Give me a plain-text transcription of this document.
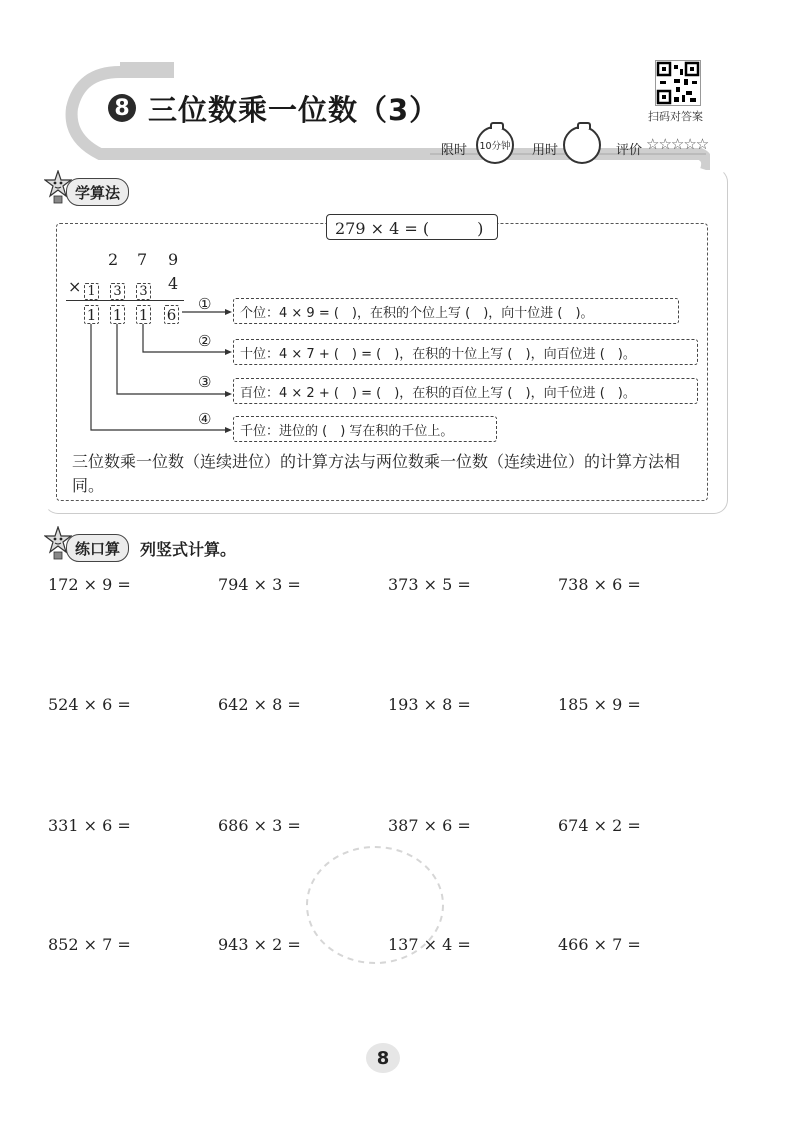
8 三位数乘一位数（3）	扫码对答案
限时 10分钟 用时	评价 ☆☆☆☆☆
学算法
279 × 4 = (　　　)
2 7 9
×	4
1 3 3
1 1 1 6
①
②
③
④
个位：4 × 9 = (　)，在积的个位上写 (　)，向十位进 (　)。
十位：4 × 7 + (　) = (　)，在积的十位上写 (　)，向百位进 (　)。
百位：4 × 2 + (　) = (　)，在积的百位上写 (　)，向千位进 (　)。
千位：进位的 (　) 写在积的千位上。
三位数乘一位数（连续进位）的计算方法与两位数乘一位数（连续进位）的计算方法相同。
练口算	列竖式计算。
172 × 9 =	794 × 3 =	373 × 5 =	738 × 6 =
524 × 6 =	642 × 8 =	193 × 8 =	185 × 9 =
331 × 6 =	686 × 3 =	387 × 6 =	674 × 2 =
852 × 7 =	943 × 2 =	137 × 4 =	466 × 7 =
8
